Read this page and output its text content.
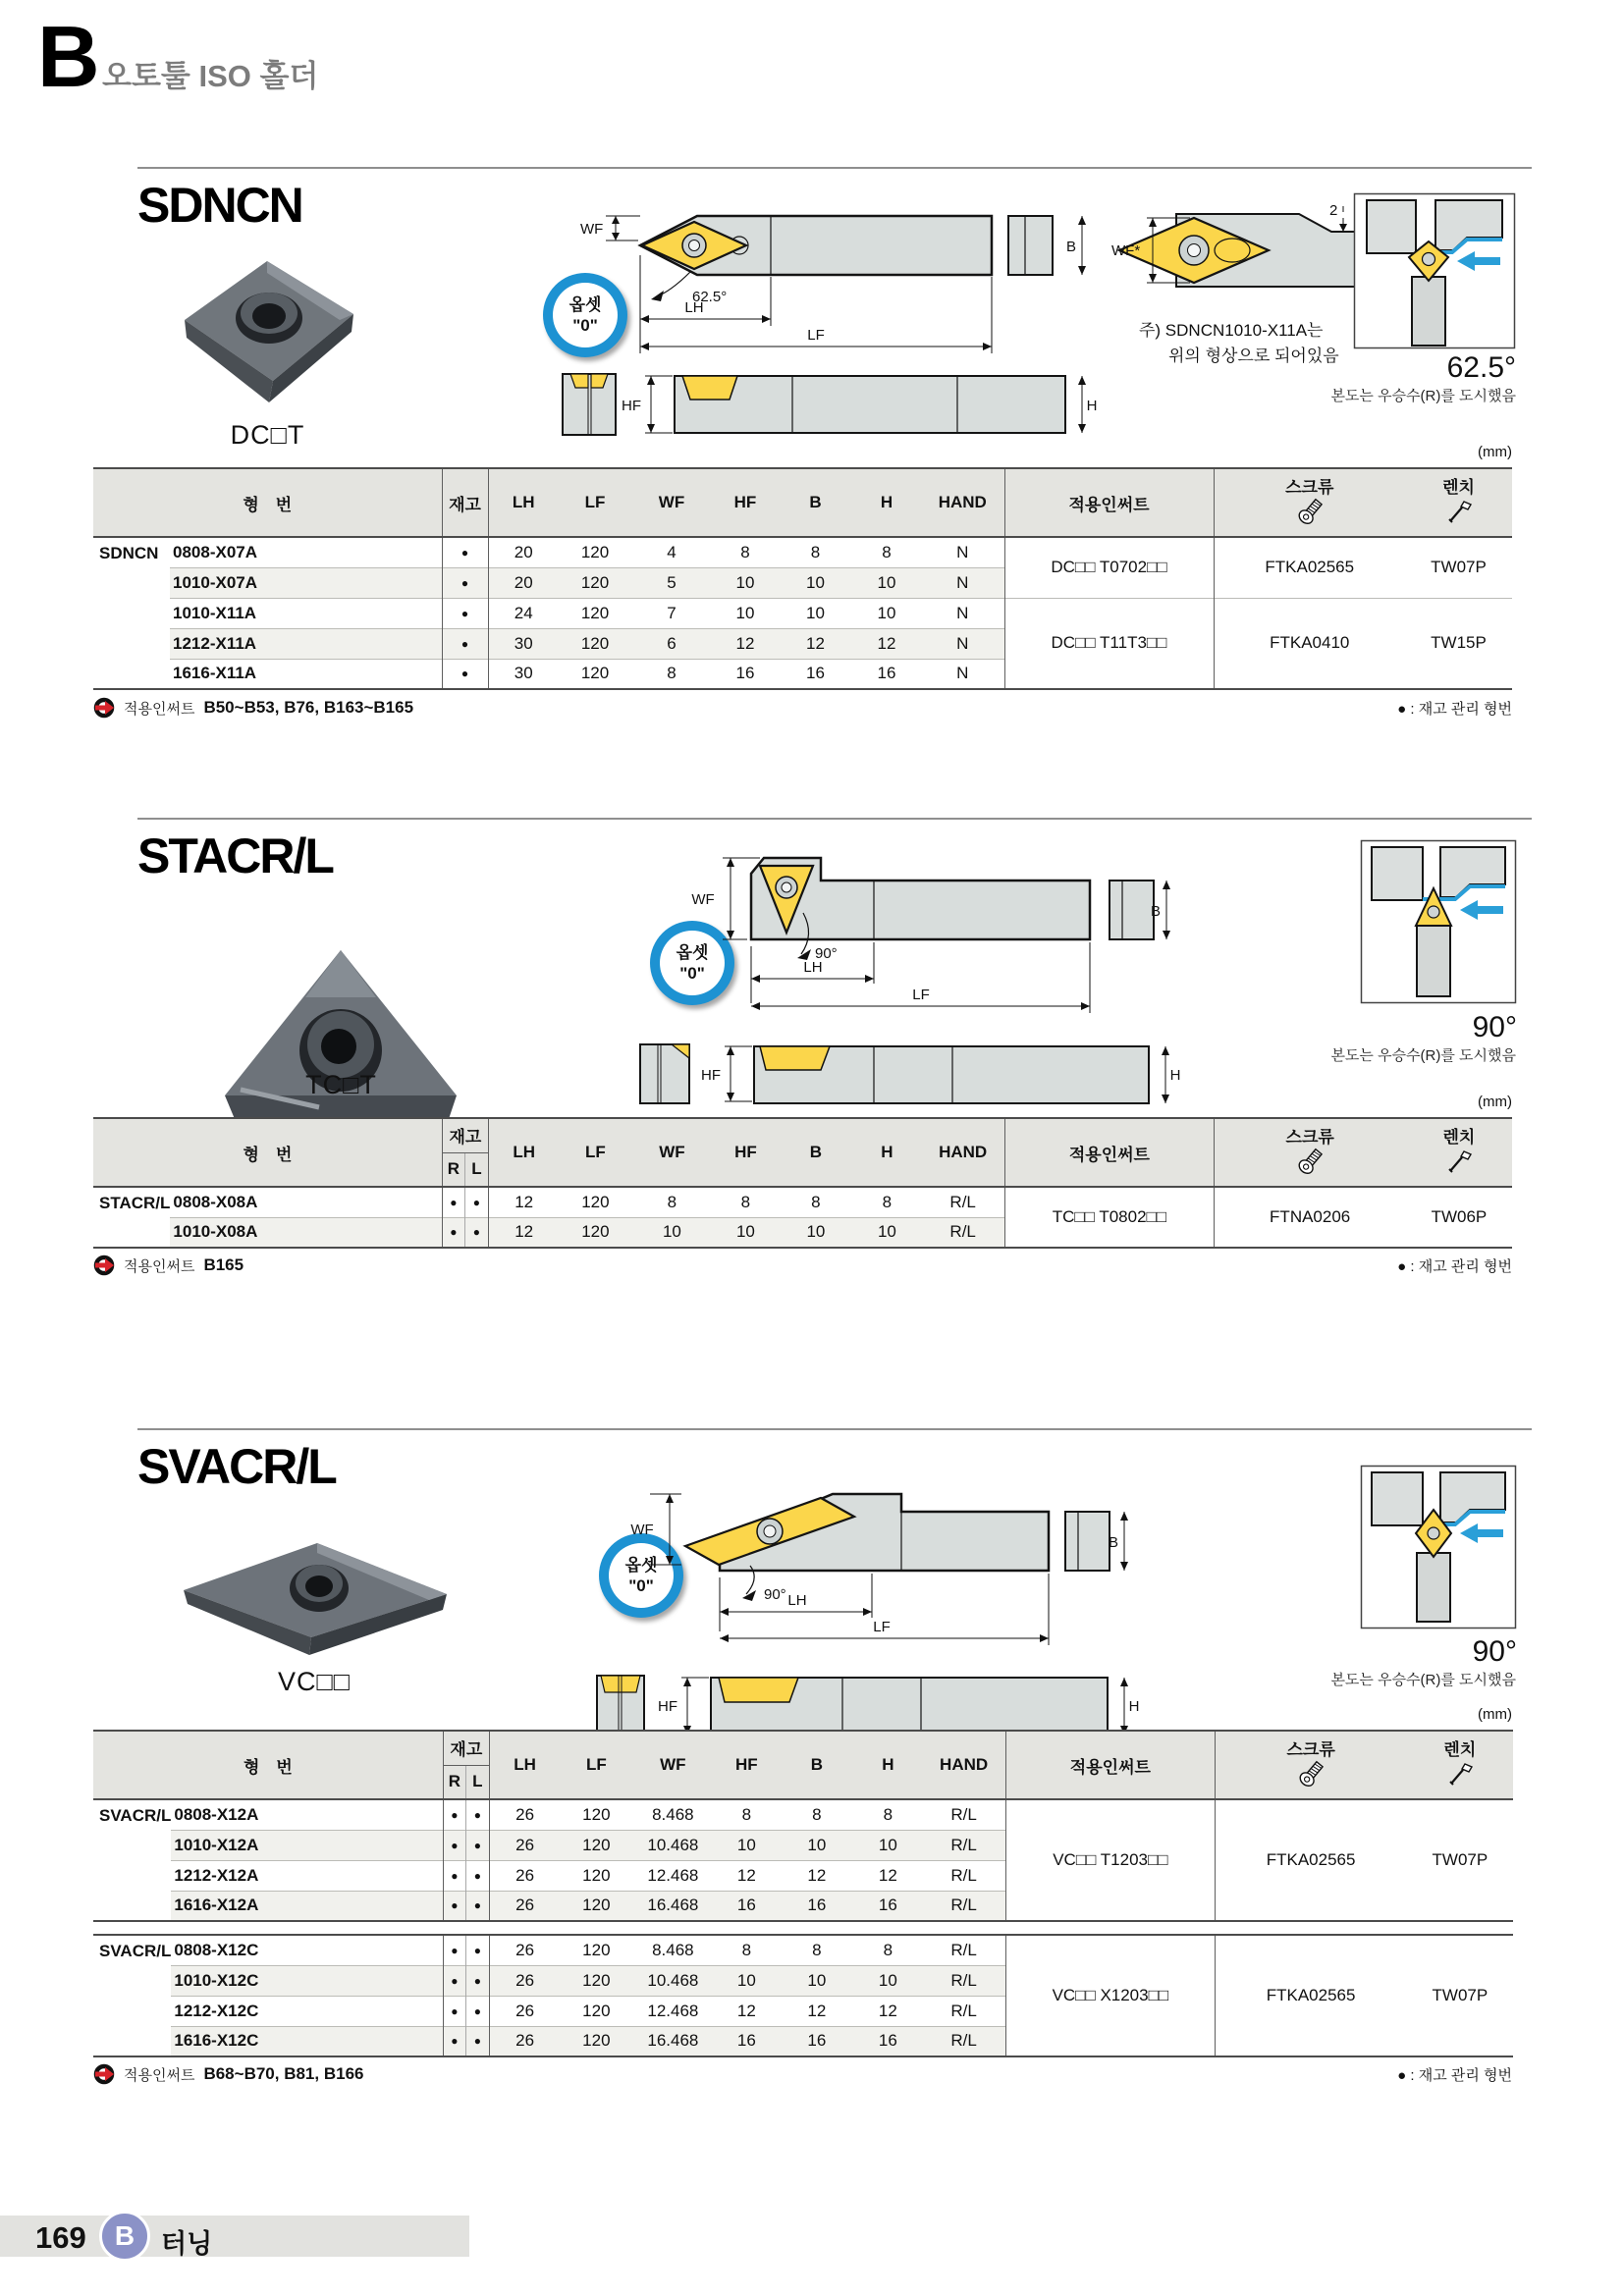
B 오토툴 ISO 홀더
SDNCN
DC□T
옵셋
"0"
WF
62.5°
LH
LF
B
HF	H
WF*
2
주) SDNCN1010-X11A는
위의 형상으로 되어있음	62.5°
본도는 우승수(R)를 도시했음
(mm)
형 번		재고	LH	LF	WF	HF	B	H	HAND	적용인써트	스크류	렌치

SDNCN	0808-X07A	●	20	120	4	8	8	8	N	DC□□ T0702□□	FTKA02565	TW07P
	1010-X07A	●	20	120	5	10	10	10	N			
	1010-X11A	●	24	120	7	10	10	10	N	DC□□ T11T3□□	FTKA0410	TW15P
	1212-X11A	●	30	120	6	12	12	12	N			
	1616-X11A	●	30	120	8	16	16	16	N			
적용인써트 B50~B53, B76, B163~B165	● : 재고 관리 형번
STACR/L
TC□T
옵셋
"0"
WF
90°
LH
LF
B
HF	H
90°
본도는 우승수(R)를 도시했음
(mm)
형 번		재고		LH	LF	WF	HF	B	H	HAND	적용인써트	스크류	렌치

		R	L										
STACR/L	0808-X08A	●	●	12	120	8	8	8	8	R/L	TC□□ T0802□□	FTNA0206	TW06P
	1010-X08A	●	●	12	120	10	10	10	10	R/L			
적용인써트 B165	● : 재고 관리 형번
SVACR/L
VC□□
옵셋
"0"
WF
90° LH
LF
B
HF	H
90°
본도는 우승수(R)를 도시했음
(mm)
형 번		재고		LH	LF	WF	HF	B	H	HAND	적용인써트	스크류	렌치

		R	L										
SVACR/L	0808-X12A	●	●	26	120	8.468	8	8	8	R/L	VC□□ T1203□□	FTKA02565	TW07P
	1010-X12A	●	●	26	120	10.468	10	10	10	R/L			
	1212-X12A	●	●	26	120	12.468	12	12	12	R/L			
	1616-X12A	●	●	26	120	16.468	16	16	16	R/L			

SVACR/L	0808-X12C	●	●	26	120	8.468	8	8	8	R/L	VC□□ X1203□□	FTKA02565	TW07P
	1010-X12C	●	●	26	120	10.468	10	10	10	R/L			
	1212-X12C	●	●	26	120	12.468	12	12	12	R/L			
	1616-X12C	●	●	26	120	16.468	16	16	16	R/L			
적용인써트 B68~B70, B81, B166	● : 재고 관리 형번
169	B 터닝
